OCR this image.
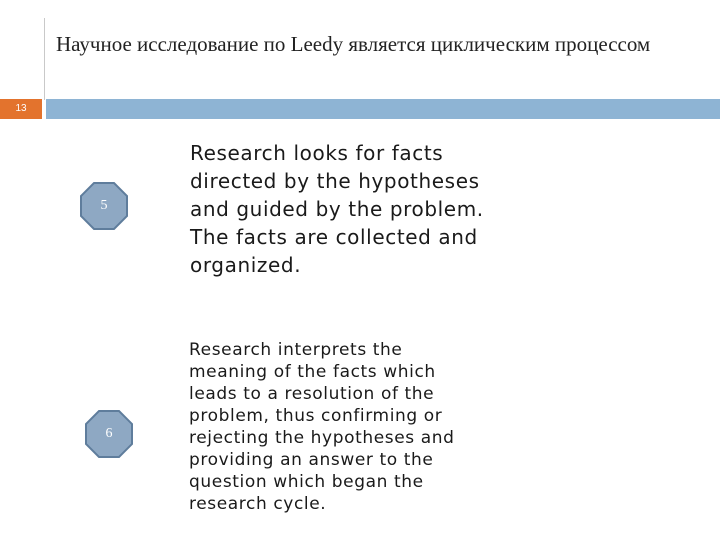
Научное исследование по Leedy является циклическим процессом
13
5
6
Research looks for facts
directed by the hypotheses
and guided by the problem.
The facts are collected and
organized.
Research interprets the
meaning of the facts which
leads to a resolution of the
problem, thus confirming or
rejecting the hypotheses and
providing an answer to the
question which began the
research cycle.
